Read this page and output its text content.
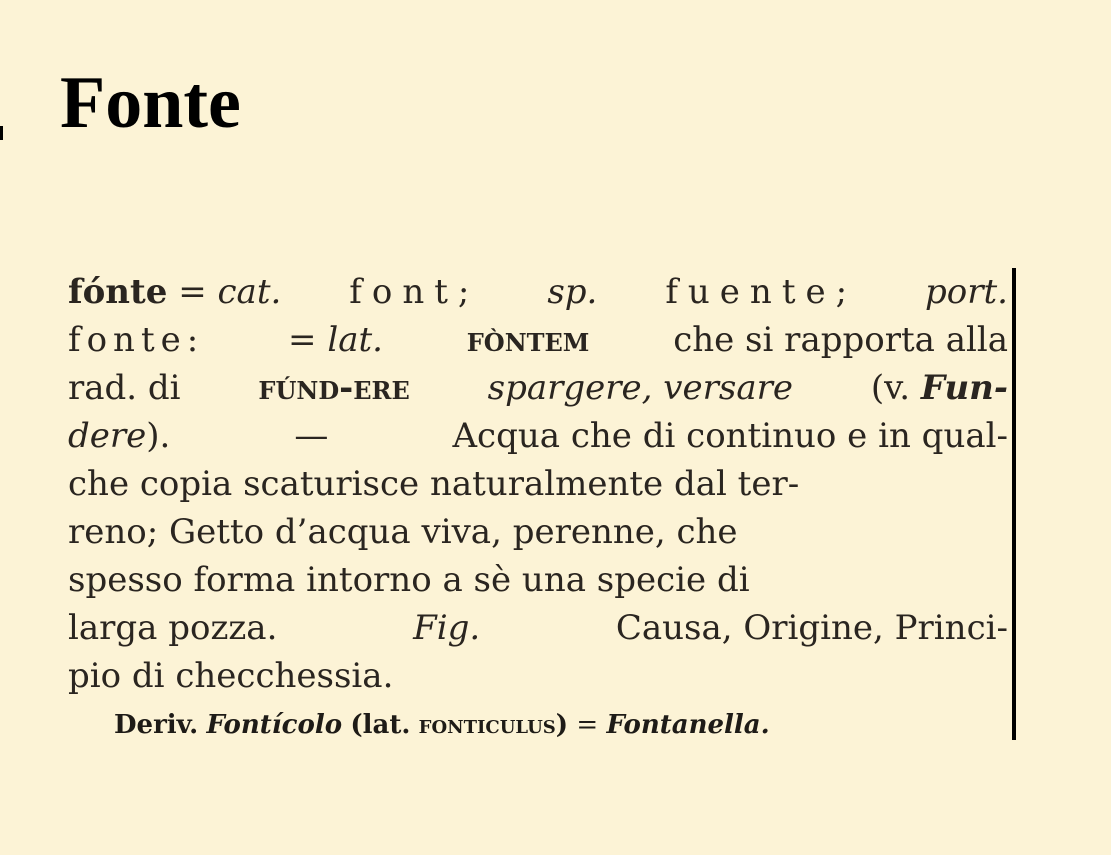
Fonte
fónte = cat. font; sp. fuente; port.
fonte: = lat. fòntem che si rapporta alla
rad. di fúnd-ere spargere, versare (v. Fun-
dere).	—	Acqua che di continuo e in qual-
che copia scaturisce naturalmente dal ter-
reno; Getto d’acqua viva, perenne, che
spesso forma intorno a sè una specie di
larga pozza.	Fig.	Causa, Origine, Princi-
pio di checchessia.
Deriv. Fontícolo (lat. fonticulus) = Fontanella.
